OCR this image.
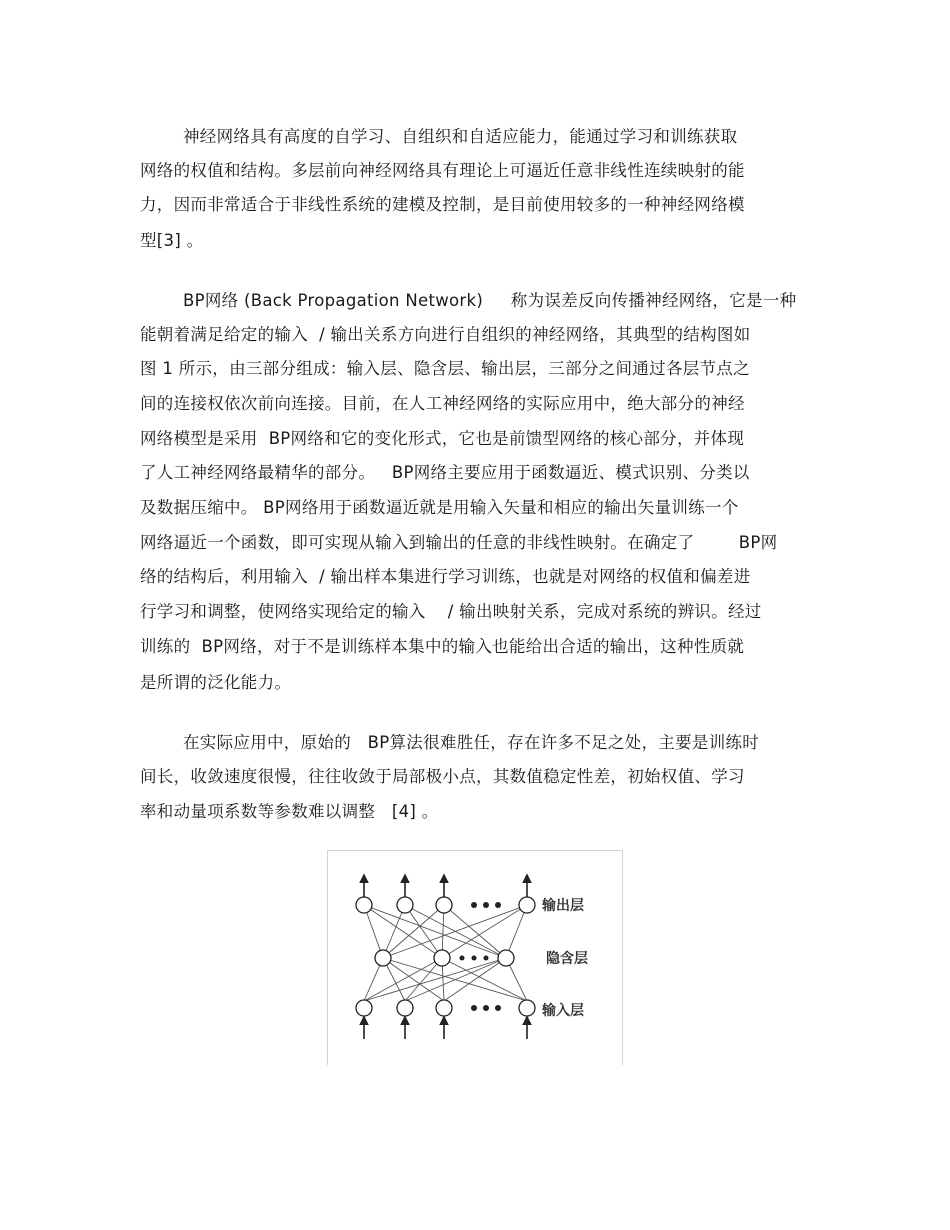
神经网络具有高度的自学习、自组织和自适应能力，能通过学习和训练获取
网络的权值和结构。多层前向神经网络具有理论上可逼近任意非线性连续映射的能
力，因而非常适合于非线性系统的建模及控制，是目前使用较多的一种神经网络模
型[3] 。
BP网络 (Back Propagation Network)     称为误差反向传播神经网络，它是一种
能朝着满足给定的输入  / 输出关系方向进行自组织的神经网络，其典型的结构图如
图 1 所示，由三部分组成：输入层、隐含层、输出层，三部分之间通过各层节点之
间的连接权依次前向连接。目前，在人工神经网络的实际应用中，绝大部分的神经
网络模型是采用  BP网络和它的变化形式，它也是前馈型网络的核心部分，并体现
了人工神经网络最精华的部分。   BP网络主要应用于函数逼近、模式识别、分类以
及数据压缩中。 BP网络用于函数逼近就是用输入矢量和相应的输出矢量训练一个
网络逼近一个函数，即可实现从输入到输出的任意的非线性映射。在确定了        BP网
络的结构后，利用输入  / 输出样本集进行学习训练，也就是对网络的权值和偏差进
行学习和调整，使网络实现给定的输入    / 输出映射关系，完成对系统的辨识。经过
训练的  BP网络，对于不是训练样本集中的输入也能给出合适的输出，这种性质就
是所谓的泛化能力。
在实际应用中，原始的   BP算法很难胜任，存在许多不足之处，主要是训练时
间长，收敛速度很慢，往往收敛于局部极小点，其数值稳定性差，初始权值、学习
率和动量项系数等参数难以调整   [4] 。
输出层
隐含层
输入层
